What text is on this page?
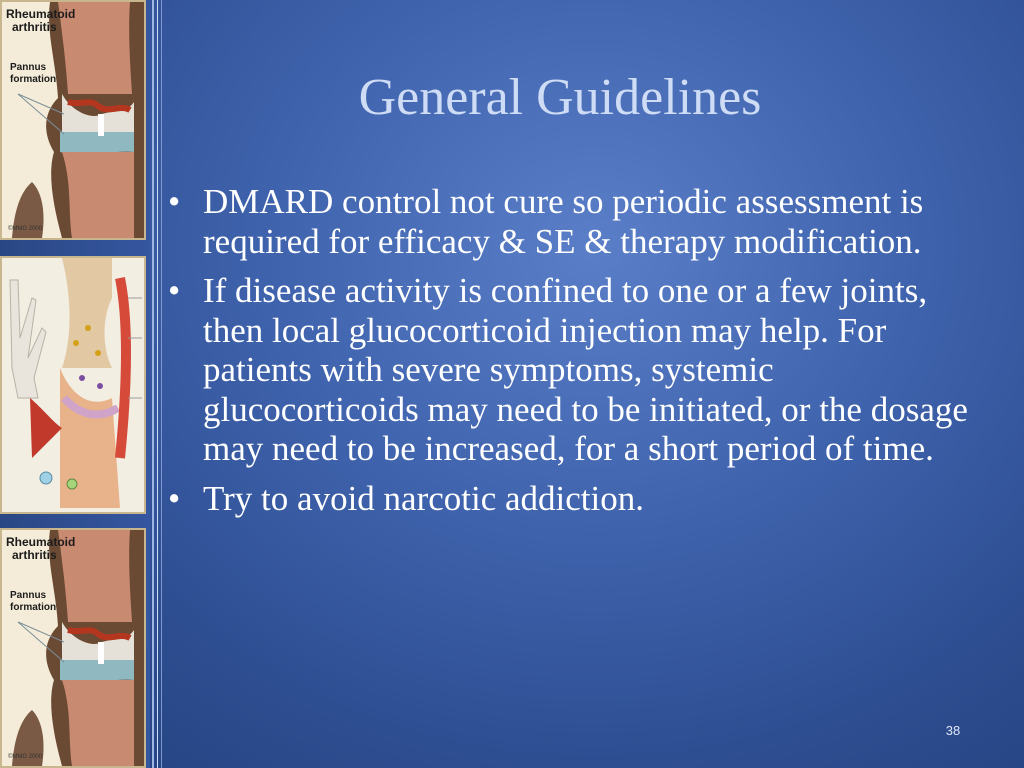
Rheumatoid
arthritis
Pannus
formation
©MMG 2000
Rheumatoid
arthritis
Pannus
formation
©MMG 2000
General Guidelines
• DMARD control not cure so periodic assessment is required for efficacy & SE & therapy modification.
• If disease activity is confined to one or a few joints, then local glucocorticoid injection may help. For patients with severe symptoms, systemic glucocorticoids may need to be initiated, or the dosage may need to be increased, for a short period of time.
• Try to avoid narcotic addiction.
38
